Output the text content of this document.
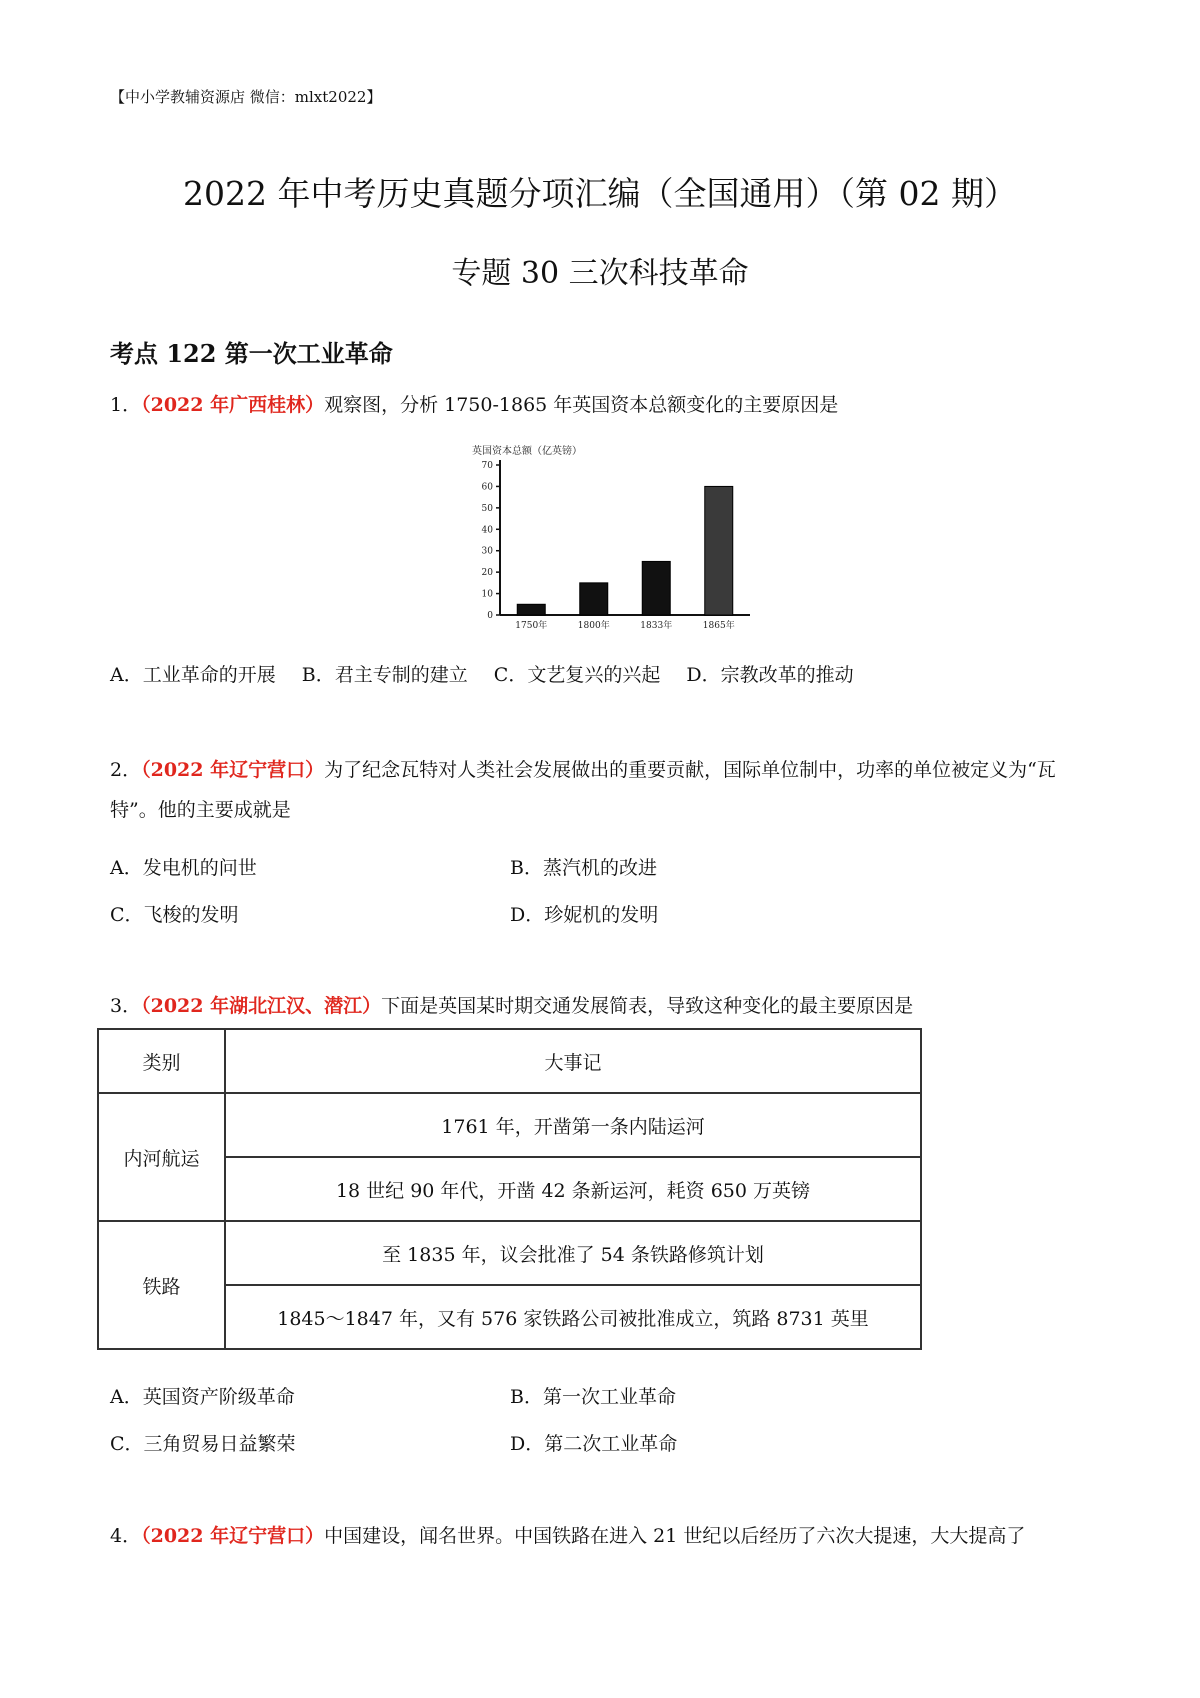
【中小学教辅资源店 微信：mlxt2022】
2022 年中考历史真题分项汇编（全国通用）（第 02 期）
专题 30 三次科技革命
考点 122 第一次工业革命
1．（2022 年广西桂林）观察图，分析 1750-1865 年英国资本总额变化的主要原因是
英国资本总额（亿英镑）
0
10
20
30
40
50
60
70
1750年	1800年	1833年	1865年
A．工业革命的开展 B．君主专制的建立 C．文艺复兴的兴起 D．宗教改革的推动
2．（2022 年辽宁营口）为了纪念瓦特对人类社会发展做出的重要贡献，国际单位制中，功率的单位被定义为“瓦特”。他的主要成就是
A．发电机的问世	B．蒸汽机的改进
C．飞梭的发明	D．珍妮机的发明
3．（2022 年湖北江汉、潜江）下面是英国某时期交通发展简表，导致这种变化的最主要原因是
类别	大事记
内河航运	1761 年，开凿第一条内陆运河
	18 世纪 90 年代，开凿 42 条新运河，耗资 650 万英镑
铁路	至 1835 年，议会批准了 54 条铁路修筑计划
	1845～1847 年，又有 576 家铁路公司被批准成立，筑路 8731 英里
A．英国资产阶级革命	B．第一次工业革命
C．三角贸易日益繁荣	D．第二次工业革命
4．（2022 年辽宁营口）中国建设，闻名世界。中国铁路在进入 21 世纪以后经历了六次大提速，大大提高了
